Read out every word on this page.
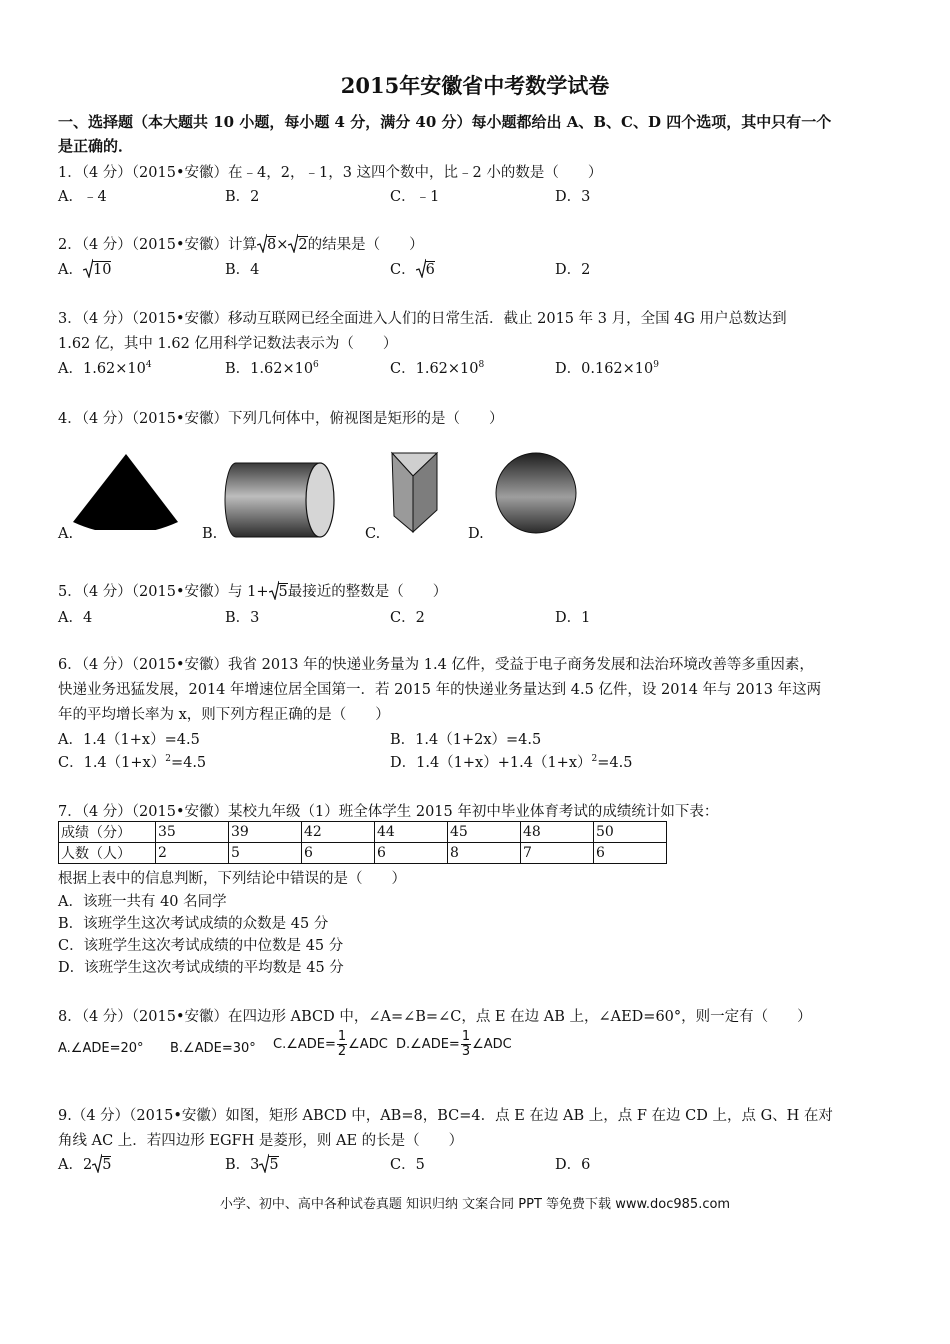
2015年安徽省中考数学试卷
一、选择题（本大题共 10 小题，每小题 4 分，满分 40 分）每小题都给出 A、B、C、D 四个选项，其中只有一个
是正确的．
1．（4 分）（2015•安徽）在﹣4，2，﹣1，3 这四个数中，比﹣2 小的数是（　　）
A．﹣4	B．2	C．﹣1	D．3
2．（4 分）（2015•安徽）计算 8× 2的结果是（　　）
A． 10	B．4	C． 6	D．2
3．（4 分）（2015•安徽）移动互联网已经全面进入人们的日常生活．截止 2015 年 3 月，全国 4G 用户总数达到
1.62 亿，其中 1.62 亿用科学记数法表示为（　　）
A．$1.62\times 10^4$	B．$1.62\times 10^6$	C．$1.62\times 10^8$	D．$0.162\times 10^9$
4．（4 分）（2015•安徽）下列几何体中，俯视图是矩形的是（　　）
A.	B.	C.	D.
5．（4 分）（2015•安徽）与 1+ 5最接近的整数是（　　）
A．4	B．3	C．2	D．1
6．（4 分）（2015•安徽）我省 2013 年的快递业务量为 1.4 亿件，受益于电子商务发展和法治环境改善等多重因素，
快递业务迅猛发展，2014 年增速位居全国第一．若 2015 年的快递业务量达到 4.5 亿件，设 2014 年与 2013 年这两
年的平均增长率为 x，则下列方程正确的是（　　）
A．1.4（1+x）=4.5	B．1.4（1+2x）=4.5
C．$1.4(1+x)^2=4.5$	D．$1.4(1+x)+1.4(1+x)^2=4.5$
7．（4 分）（2015•安徽）某校九年级（1）班全体学生 2015 年初中毕业体育考试的成绩统计如下表：
成绩（分）	35	39	42	44	45	48	50
人数（人）	2	5	6	6	8	7	6
根据上表中的信息判断，下列结论中错误的是（　　）
A．该班一共有 40 名同学
B．该班学生这次考试成绩的众数是 45 分
C．该班学生这次考试成绩的中位数是 45 分
D．该班学生这次考试成绩的平均数是 45 分
8．（4 分）（2015•安徽）在四边形 ABCD 中，∠A=∠B=∠C，点 E 在边 AB 上，∠AED=60°，则一定有（　　）
A.∠ADE=20° B.∠ADE=30° C.∠ADE= $\frac{1}{2}$ ∠ADC D.∠ADE= $\frac{1}{3}$ ∠ADC
9.（4 分）（2015•安徽）如图，矩形 ABCD 中，AB=8，BC=4．点 E 在边 AB 上，点 F 在边 CD 上，点 G、H 在对
角线 AC 上．若四边形 EGFH 是菱形，则 AE 的长是（　　）
A．2 5	B．3 5	C．5	D．6
小学、初中、高中各种试卷真题 知识归纳 文案合同 PPT 等免费下载 www.doc985.com
